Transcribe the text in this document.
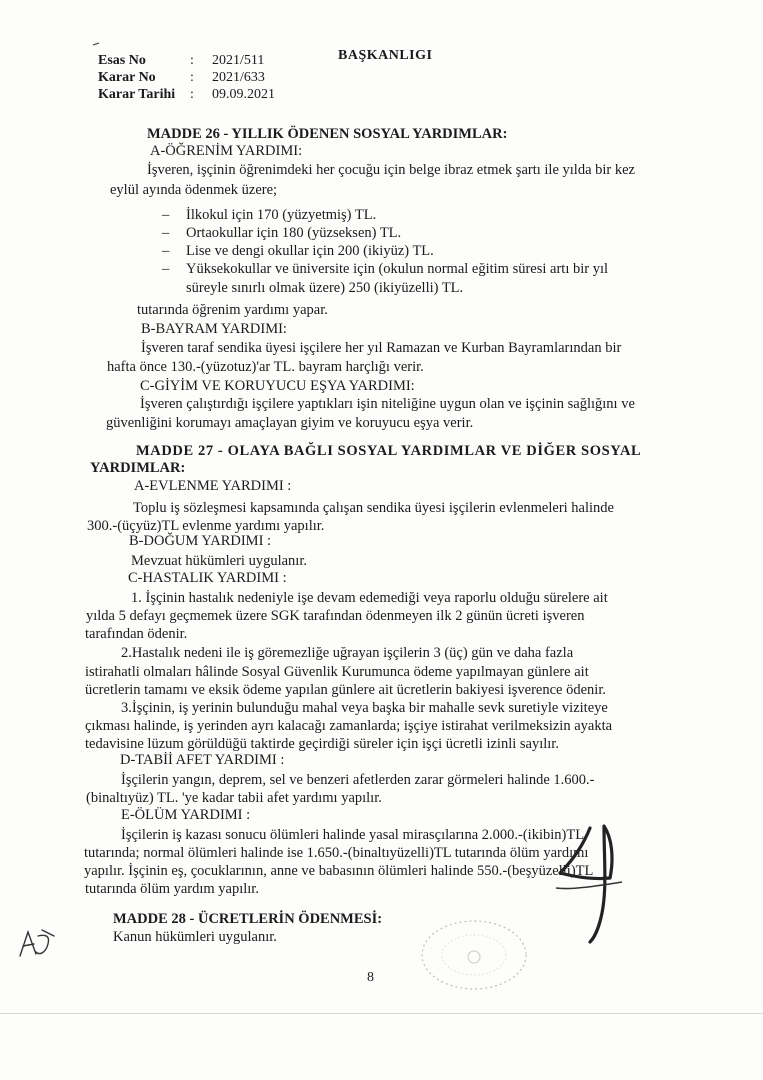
Esas No	:	2021/511
Karar No	:	2021/633
Karar Tarihi	:	09.09.2021
BAŞKANLIGI
MADDE 26 - YILLIK ÖDENEN SOSYAL YARDIMLAR:
A-ÖĞRENİM YARDIMI:
İşveren, işçinin öğrenimdeki her çocuğu için belge ibraz etmek şartı ile yılda bir kez
eylül ayında ödenmek üzere;
– İlkokul için 170 (yüzyetmiş) TL.
– Ortaokullar için 180 (yüzseksen) TL.
– Lise ve dengi okullar için 200 (ikiyüz) TL.
– Yüksekokullar ve üniversite için (okulun normal eğitim süresi artı bir yıl
süreyle sınırlı olmak üzere) 250 (ikiyüzelli) TL.
tutarında öğrenim yardımı yapar.
B-BAYRAM YARDIMI:
İşveren taraf sendika üyesi işçilere her yıl Ramazan ve Kurban Bayramlarından bir
hafta önce 130.-(yüzotuz)'ar TL. bayram harçlığı verir.
C-GİYİM VE KORUYUCU EŞYA YARDIMI:
İşveren çalıştırdığı işçilere yaptıkları işin niteliğine uygun olan ve işçinin sağlığını ve
güvenliğini korumayı amaçlayan giyim ve koruyucu eşya verir.
MADDE 27 - OLAYA BAĞLI SOSYAL YARDIMLAR VE DİĞER SOSYAL
YARDIMLAR:
A-EVLENME YARDIMI :
Toplu iş sözleşmesi kapsamında çalışan sendika üyesi işçilerin evlenmeleri halinde
300.-(üçyüz)TL evlenme yardımı yapılır.
B-DOĞUM YARDIMI :
Mevzuat hükümleri uygulanır.
C-HASTALIK YARDIMI :
1. İşçinin hastalık nedeniyle işe devam edemediği veya raporlu olduğu sürelere ait
yılda 5 defayı geçmemek üzere SGK tarafından ödenmeyen ilk 2 günün ücreti işveren
tarafından ödenir.
2.Hastalık nedeni ile iş göremezliğe uğrayan işçilerin 3 (üç) gün ve daha fazla
istirahatli olmaları hâlinde Sosyal Güvenlik Kurumunca ödeme yapılmayan günlere ait
ücretlerin tamamı ve eksik ödeme yapılan günlere ait ücretlerin bakiyesi işverence ödenir.
3.İşçinin, iş yerinin bulunduğu mahal veya başka bir mahalle sevk suretiyle viziteye
çıkması halinde, iş yerinden ayrı kalacağı zamanlarda; işçiye istirahat verilmeksizin ayakta
tedavisine lüzum görüldüğü taktirde geçirdiği süreler için işçi ücretli izinli sayılır.
D-TABİİ AFET YARDIMI :
İşçilerin yangın, deprem, sel ve benzeri afetlerden zarar görmeleri halinde 1.600.-
(binaltıyüz) TL. 'ye kadar tabii afet yardımı yapılır.
E-ÖLÜM YARDIMI :
İşçilerin iş kazası sonucu ölümleri halinde yasal mirasçılarına 2.000.-(ikibin)TL
tutarında; normal ölümleri halinde ise 1.650.-(binaltıyüzelli)TL tutarında ölüm yardımı
yapılır. İşçinin eş, çocuklarının, anne ve babasının ölümleri halinde 550.-(beşyüzelli)TL
tutarında ölüm yardım yapılır.
MADDE 28 - ÜCRETLERİN ÖDENMESİ:
Kanun hükümleri uygulanır.
8
